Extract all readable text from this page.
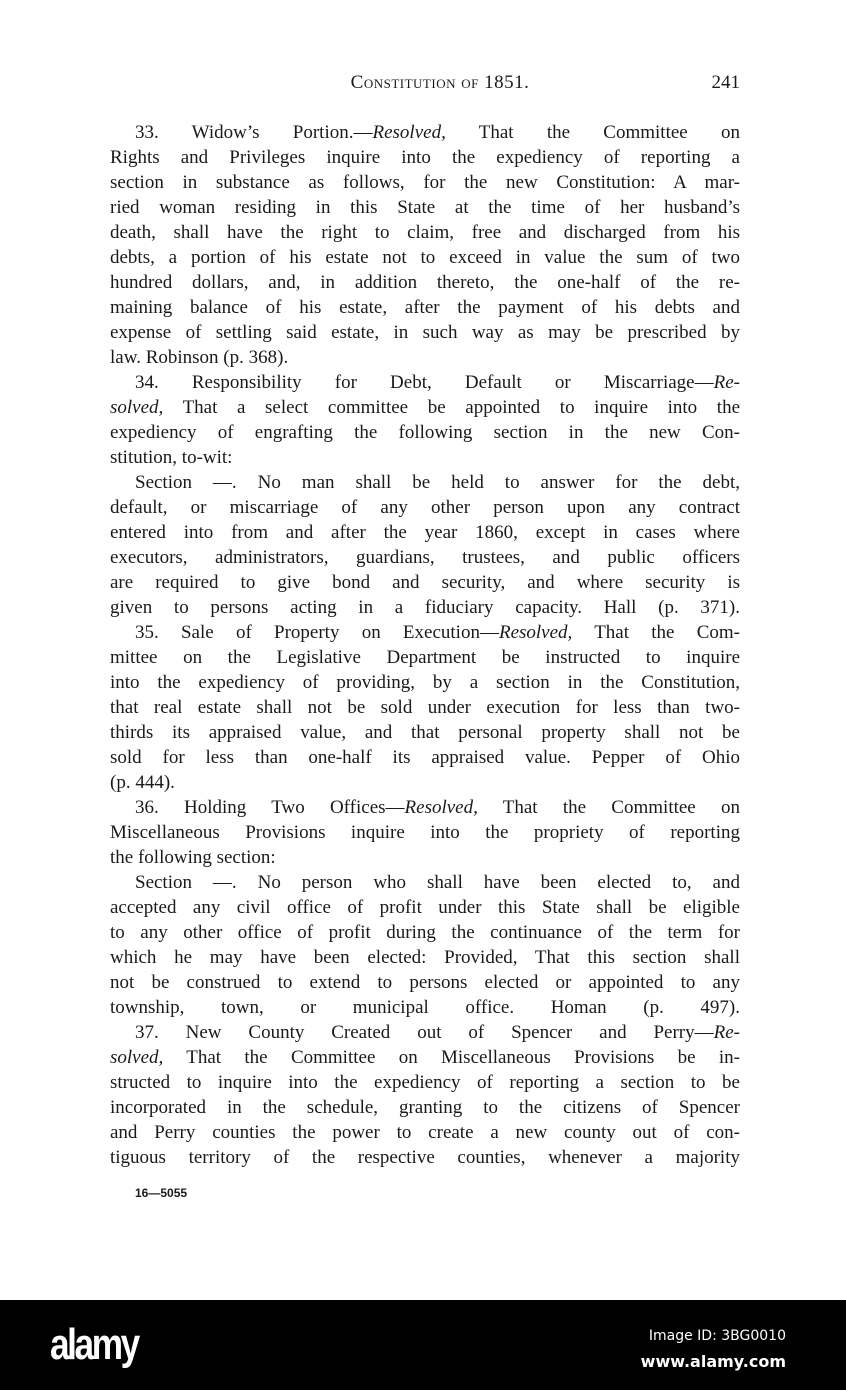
Constitution of 1851.	241
33. Widow’s Portion.—Resolved, That the Committee on
Rights and Privileges inquire into the expediency of reporting a
section in substance as follows, for the new Constitution: A mar-
ried woman residing in this State at the time of her husband’s
death, shall have the right to claim, free and discharged from his
debts, a portion of his estate not to exceed in value the sum of two
hundred dollars, and, in addition thereto, the one-half of the re-
maining balance of his estate, after the payment of his debts and
expense of settling said estate, in such way as may be prescribed by
law. Robinson (p. 368).
34. Responsibility for Debt, Default or Miscarriage—Re-
solved, That a select committee be appointed to inquire into the
expediency of engrafting the following section in the new Con-
stitution, to-wit:
Section —. No man shall be held to answer for the debt,
default, or miscarriage of any other person upon any contract
entered into from and after the year 1860, except in cases where
executors, administrators, guardians, trustees, and public officers
are required to give bond and security, and where security is
given to persons acting in a fiduciary capacity. Hall (p. 371).
35. Sale of Property on Execution—Resolved, That the Com-
mittee on the Legislative Department be instructed to inquire
into the expediency of providing, by a section in the Constitution,
that real estate shall not be sold under execution for less than two-
thirds its appraised value, and that personal property shall not be
sold for less than one-half its appraised value. Pepper of Ohio
(p. 444).
36. Holding Two Offices—Resolved, That the Committee on
Miscellaneous Provisions inquire into the propriety of reporting
the following section:
Section —. No person who shall have been elected to, and
accepted any civil office of profit under this State shall be eligible
to any other office of profit during the continuance of the term for
which he may have been elected: Provided, That this section shall
not be construed to extend to persons elected or appointed to any
township, town, or municipal office. Homan (p. 497).
37. New County Created out of Spencer and Perry—Re-
solved, That the Committee on Miscellaneous Provisions be in-
structed to inquire into the expediency of reporting a section to be
incorporated in the schedule, granting to the citizens of Spencer
and Perry counties the power to create a new county out of con-
tiguous territory of the respective counties, whenever a majority
16—5055
alamy	Image ID: 3BG0010
www.alamy.com
